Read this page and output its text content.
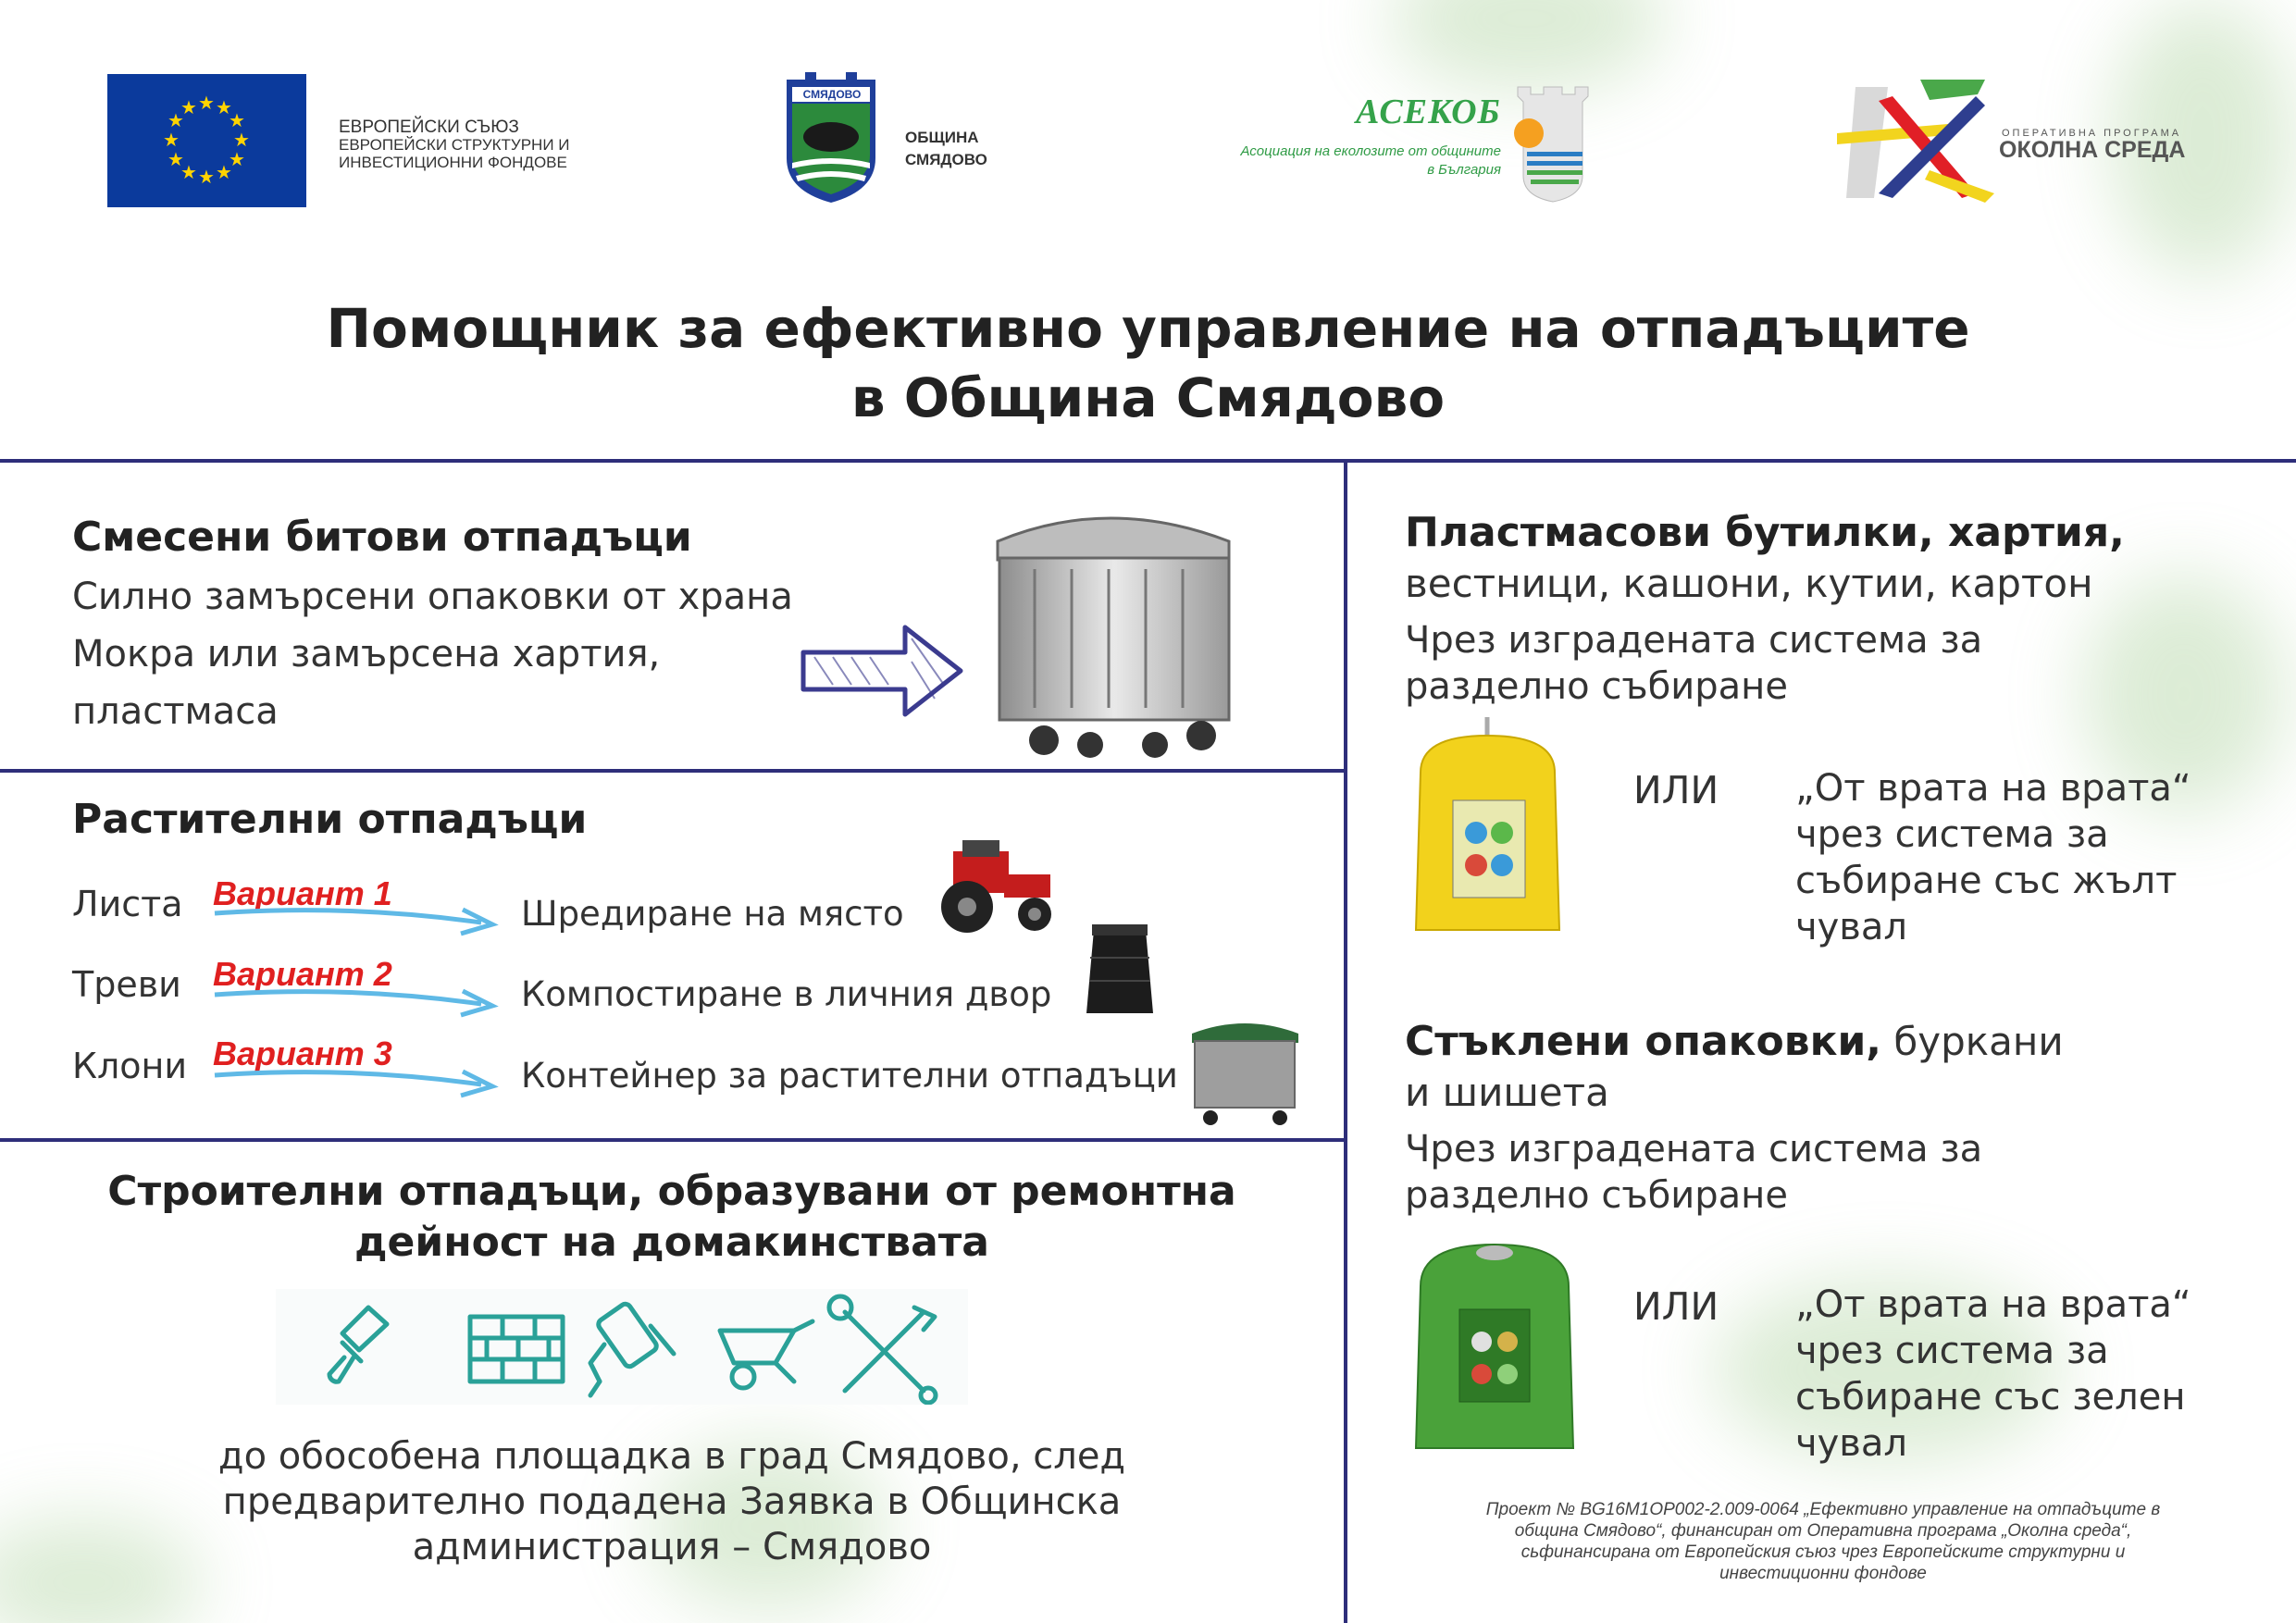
★ ★
★
★
★
★
★
★
★
★
★
★
ЕВРОПЕЙСКИ СЪЮЗ
ЕВРОПЕЙСКИ СТРУКТУРНИ И
ИНВЕСТИЦИОННИ ФОНДОВЕ
СМЯДОВО
ОБЩИНА
СМЯДОВО
АСЕКОБ
Асоциация на еколозите от общините
в България
ОПЕРАТИВНА ПРОГРАМА
ОКОЛНА СРЕДА
Помощник за ефективно управление на отпадъците
в Община Смядово
Смесени битови отпадъци
Силно замърсени опаковки от храна
Мокра или замърсена хартия,
пластмаса
Растителни отпадъци
Листа Вариант 1
Шредиране на място
Треви Вариант 2
Компостиране в личния двор
Клони Вариант 3
Контейнер за растителни отпадъци
Строителни отпадъци, образувани от ремонтна
дейност на домакинствата
до обособена площадка в град Смядово, след
предварително подадена Заявка в Общинска
администрация – Смядово
Пластмасови бутилки, хартия,
вестници, кашони, кутии, картон
Чрез изградената система за
разделно събиране
ИЛИ „От врата на врата“
чрез система за
събиране със жълт
чувал
Стъклени опаковки, буркани
и шишета
Чрез изградената система за
разделно събиране
ИЛИ „От врата на врата“
чрез система за
събиране със зелен
чувал
Проект № BG16M1OP002-2.009-0064 „Ефективно управление на отпадъците в
община Смядово“, финансиран от Оперативна програма „Околна среда“,
сьфинансирана от Европейския съюз чрез Европейските структурни и
инвестиционни фондове
